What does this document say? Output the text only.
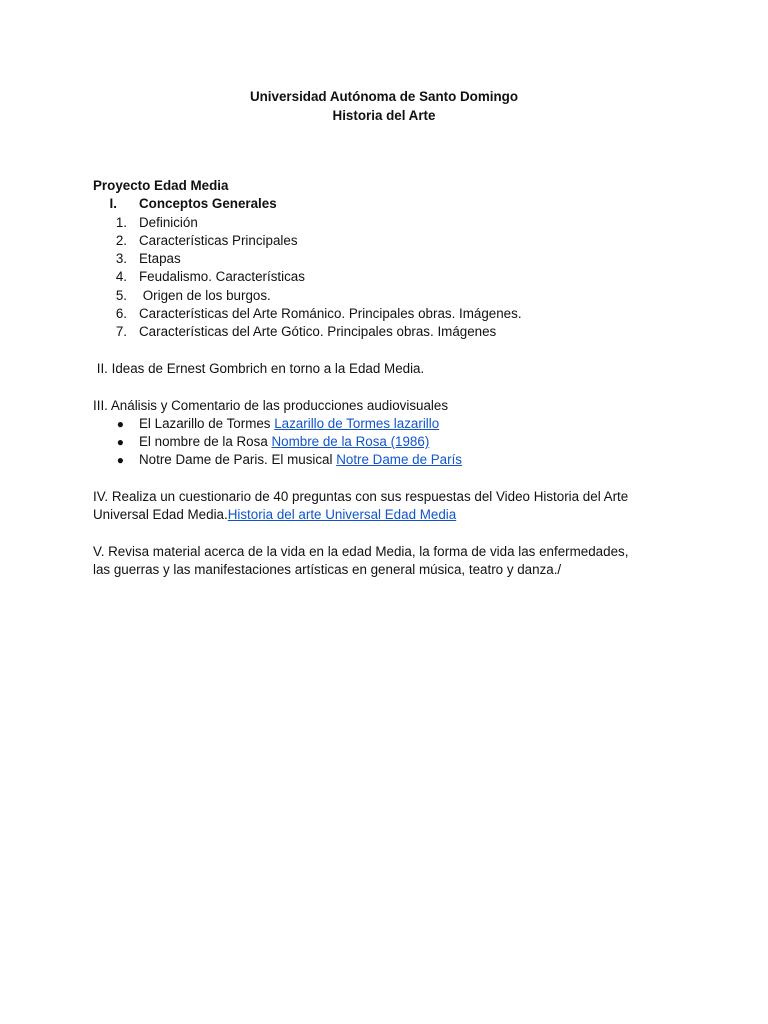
Universidad Autónoma de Santo Domingo
Historia del Arte
Proyecto Edad Media
I. Conceptos Generales
1. Definición
2. Características Principales
3. Etapas
4. Feudalismo. Características
5. Origen de los burgos.
6. Características del Arte Románico. Principales obras. Imágenes.
7. Características del Arte Gótico. Principales obras. Imágenes
II. Ideas de Ernest Gombrich en torno a la Edad Media.
III. Análisis y Comentario de las producciones audiovisuales
● El Lazarillo de Tormes Lazarillo de Tormes lazarillo
● El nombre de la Rosa Nombre de la Rosa (1986)
● Notre Dame de Paris. El musical Notre Dame de París
IV. Realiza un cuestionario de 40 preguntas con sus respuestas del Video Historia del Arte
Universal Edad Media.Historia del arte Universal Edad Media
V. Revisa material acerca de la vida en la edad Media, la forma de vida las enfermedades,
las guerras y las manifestaciones artísticas en general música, teatro y danza./
